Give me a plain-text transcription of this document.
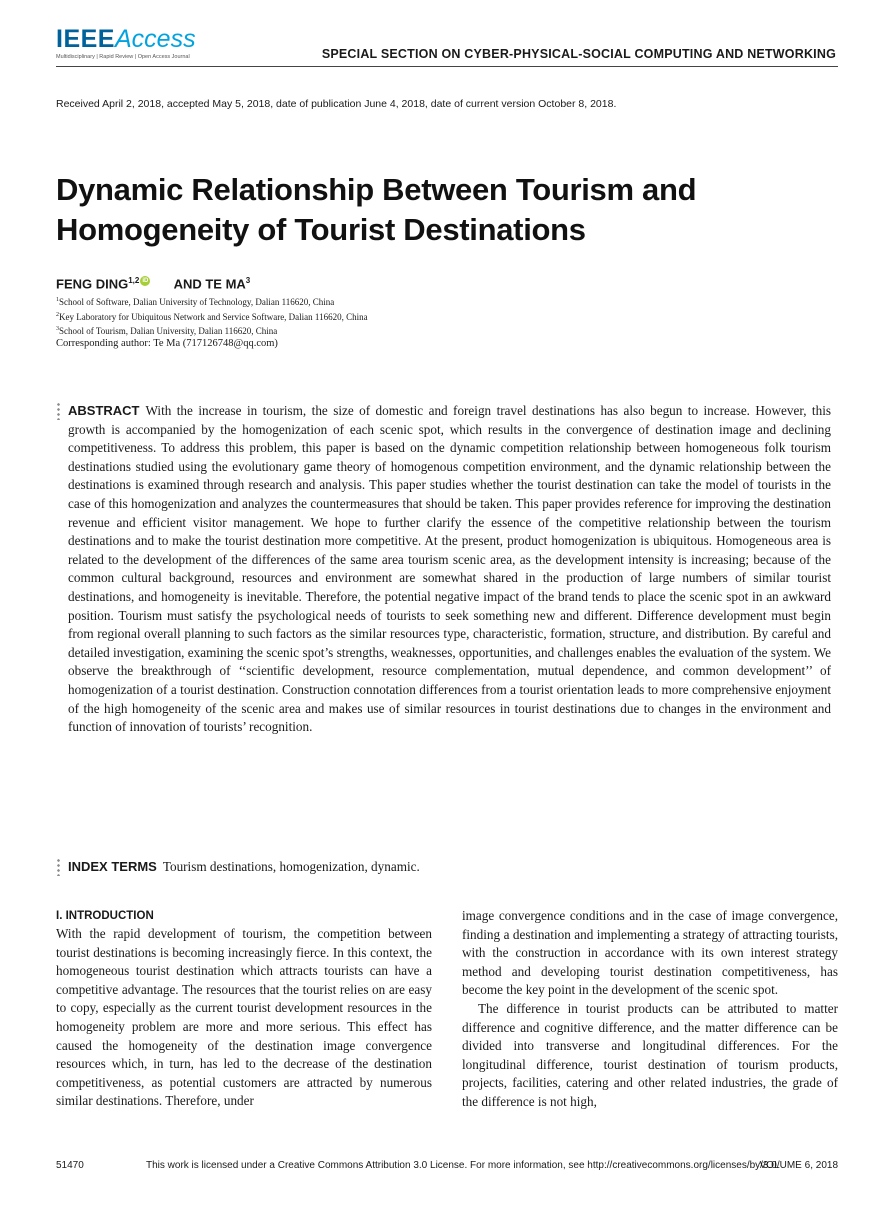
IEEEAccess
Multidisciplinary | Rapid Review | Open Access Journal	SPECIAL SECTION ON CYBER-PHYSICAL-SOCIAL COMPUTING AND NETWORKING
Received April 2, 2018, accepted May 5, 2018, date of publication June 4, 2018, date of current version October 8, 2018.
Dynamic Relationship Between Tourism and
Homogeneity of Tourist Destinations
FENG DING$^{1,2}$ iD AND TE $MA^3$
$^1$School of Software, Dalian University of Technology, Dalian 116620, China
$^2$Key Laboratory for Ubiquitous Network and Service Software, Dalian 116620, China
$^3$School of Tourism, Dalian University, Dalian 116620, China
Corresponding author: Te Ma (717126748@qq.com)

ABSTRACT With the increase in tourism, the size of domestic and foreign travel destinations has also begun to increase. However, this growth is accompanied by the homogenization of each scenic spot, which results in the convergence of destination image and declining competitiveness. To address this problem, this paper is based on the dynamic competition relationship between homogeneous folk tourism destinations studied using the evolutionary game theory of homogenous competition environment, and the dynamic relationship between the destinations is examined through research and analysis. This paper studies whether the tourist destination can take the model of tourists in the case of this homogenization and analyzes the countermeasures that should be taken. This paper provides reference for improving the destination revenue and efficient visitor management. We hope to further clarify the essence of the competitive relationship between the tourism destinations and to make the tourist destination more competitive. At the present, product homogenization is ubiquitous. Homogeneous area is related to the development of the differences of the same area tourism scenic area, as the development intensity is increasing; because of the common cultural background, resources and environment are somewhat shared in the production of large numbers of similar tourist destinations, and homogeneity is inevitable. Therefore, the potential negative impact of the brand tends to place the scenic spot in an awkward position. Tourism must satisfy the psychological needs of tourists to seek something new and different. Difference development must begin from regional overall planning to such factors as the similar resources type, characteristic, formation, structure, and distribution. By careful and detailed investigation, examining the scenic spot’s strengths, weaknesses, opportunities, and challenges enables the evaluation of the system. We observe the breakthrough of ‘‘scientific development, resource complementation, mutual dependence, and common development’’ of homogenization of a tourist destination. Construction connotation differences from a tourist orientation leads to more comprehensive enjoyment of the high homogeneity of the scenic area and makes use of similar resources in tourist destinations due to changes in the environment and function of innovation of tourists’ recognition.

INDEX TERMS Tourism destinations, homogenization, dynamic.
I. INTRODUCTION

With the rapid development of tourism, the competition between tourist destinations is becoming increasingly fierce. In this context, the homogeneous tourist destination which attracts tourists can have a competitive advantage. The resources that the tourist relies on are easy to copy, especially as the current tourist development resources in the homogeneity problem are more and more serious. This effect has caused the homogeneity of the destination image convergence resources which, in turn, has led to the decrease of the destination competitiveness, as potential customers are attracted by numerous similar destinations. Therefore, under

image convergence conditions and in the case of image convergence, finding a destination and implementing a strategy of attracting tourists, with the construction in accordance with its own interest strategy method and developing tourist destination competitiveness, has become the key point in the development of the scenic spot.

The difference in tourist products can be attributed to matter difference and cognitive difference, and the matter difference can be divided into transverse and longitudinal differences. For the longitudinal difference, tourist destination of tourism products, projects, facilities, catering and other related industries, the grade of the difference is not high,

51470	This work is licensed under a Creative Commons Attribution 3.0 License. For more information, see http://creativecommons.org/licenses/by/3.0/
VOLUME 6, 2018
